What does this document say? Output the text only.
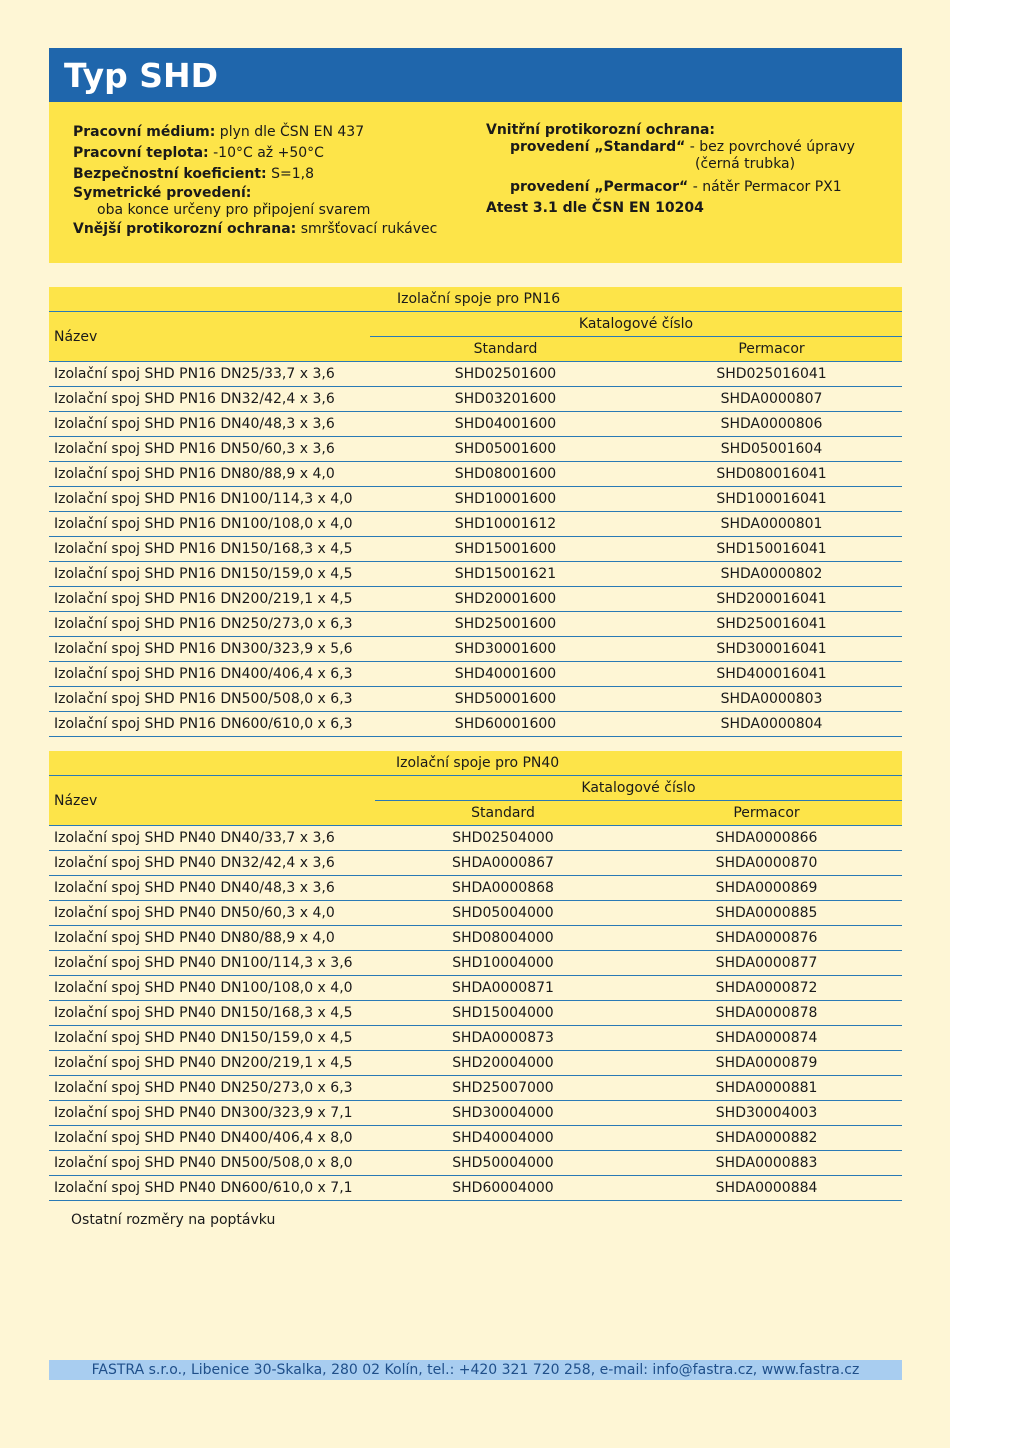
Typ SHD
Pracovní médium: plyn dle ČSN EN 437
Pracovní teplota: -10°C až +50°C
Bezpečnostní koeficient: S=1,8
Symetrické provedení:
oba konce určeny pro připojení svarem
Vnější protikorozní ochrana: smršťovací rukávec
Vnitřní protikorozní ochrana:
provedení „Standard“ - bez povrchové úpravy
(černá trubka)
provedení „Permacor“ - nátěr Permacor PX1
Atest 3.1 dle ČSN EN 10204
Izolační spoje pro PN16		
Název	Katalogové číslo	
	Standard	Permacor
Izolační spoj SHD PN16 DN25/33,7 x 3,6	SHD02501600	SHD025016041
Izolační spoj SHD PN16 DN32/42,4 x 3,6	SHD03201600	SHDA0000807
Izolační spoj SHD PN16 DN40/48,3 x 3,6	SHD04001600	SHDA0000806
Izolační spoj SHD PN16 DN50/60,3 x 3,6	SHD05001600	SHD05001604
Izolační spoj SHD PN16 DN80/88,9 x 4,0	SHD08001600	SHD080016041
Izolační spoj SHD PN16 DN100/114,3 x 4,0	SHD10001600	SHD100016041
Izolační spoj SHD PN16 DN100/108,0 x 4,0	SHD10001612	SHDA0000801
Izolační spoj SHD PN16 DN150/168,3 x 4,5	SHD15001600	SHD150016041
Izolační spoj SHD PN16 DN150/159,0 x 4,5	SHD15001621	SHDA0000802
Izolační spoj SHD PN16 DN200/219,1 x 4,5	SHD20001600	SHD200016041
Izolační spoj SHD PN16 DN250/273,0 x 6,3	SHD25001600	SHD250016041
Izolační spoj SHD PN16 DN300/323,9 x 5,6	SHD30001600	SHD300016041
Izolační spoj SHD PN16 DN400/406,4 x 6,3	SHD40001600	SHD400016041
Izolační spoj SHD PN16 DN500/508,0 x 6,3	SHD50001600	SHDA0000803
Izolační spoj SHD PN16 DN600/610,0 x 6,3	SHD60001600	SHDA0000804
Izolační spoje pro PN40		
Název	Katalogové číslo	
	Standard	Permacor
Izolační spoj SHD PN40 DN40/33,7 x 3,6	SHD02504000	SHDA0000866
Izolační spoj SHD PN40 DN32/42,4 x 3,6	SHDA0000867	SHDA0000870
Izolační spoj SHD PN40 DN40/48,3 x 3,6	SHDA0000868	SHDA0000869
Izolační spoj SHD PN40 DN50/60,3 x 4,0	SHD05004000	SHDA0000885
Izolační spoj SHD PN40 DN80/88,9 x 4,0	SHD08004000	SHDA0000876
Izolační spoj SHD PN40 DN100/114,3 x 3,6	SHD10004000	SHDA0000877
Izolační spoj SHD PN40 DN100/108,0 x 4,0	SHDA0000871	SHDA0000872
Izolační spoj SHD PN40 DN150/168,3 x 4,5	SHD15004000	SHDA0000878
Izolační spoj SHD PN40 DN150/159,0 x 4,5	SHDA0000873	SHDA0000874
Izolační spoj SHD PN40 DN200/219,1 x 4,5	SHD20004000	SHDA0000879
Izolační spoj SHD PN40 DN250/273,0 x 6,3	SHD25007000	SHDA0000881
Izolační spoj SHD PN40 DN300/323,9 x 7,1	SHD30004000	SHD30004003
Izolační spoj SHD PN40 DN400/406,4 x 8,0	SHD40004000	SHDA0000882
Izolační spoj SHD PN40 DN500/508,0 x 8,0	SHD50004000	SHDA0000883
Izolační spoj SHD PN40 DN600/610,0 x 7,1	SHD60004000	SHDA0000884
Ostatní rozměry na poptávku
FASTRA s.r.o., Libenice 30-Skalka, 280 02 Kolín, tel.: +420 321 720 258, e-mail: info@fastra.cz, www.fastra.cz
